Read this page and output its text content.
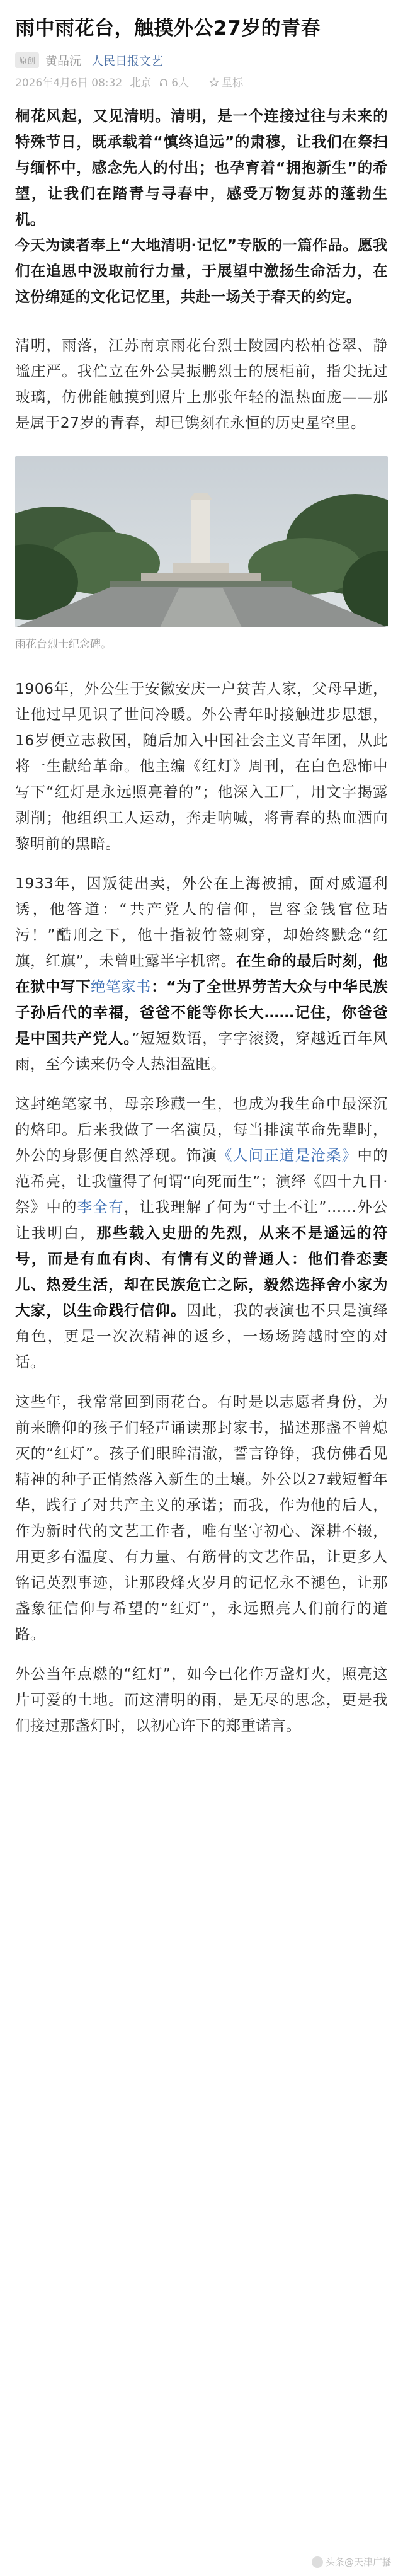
雨中雨花台，触摸外公27岁的青春
原创 黄品沅 人民日报文艺
2026年4月6日 08:32 北京	6人	星标

桐花风起，又见清明。清明，是一个连接过往与未来的特殊节日，既承载着“慎终追远”的肃穆，让我们在祭扫与缅怀中，感念先人的付出；也孕育着“拥抱新生”的希望，让我们在踏青与寻春中，感受万物复苏的蓬勃生机。

今天为读者奉上“大地清明·记忆”专版的一篇作品。愿我们在追思中汲取前行力量，于展望中激扬生命活力，在这份绵延的文化记忆里，共赴一场关于春天的约定。

清明，雨落，江苏南京雨花台烈士陵园内松柏苍翠、静谧庄严。我伫立在外公吴振鹏烈士的展柜前，指尖抚过玻璃，仿佛能触摸到照片上那张年轻的温热面庞——那是属于27岁的青春，却已镌刻在永恒的历史星空里。

雨花台烈士纪念碑。

1906年，外公生于安徽安庆一户贫苦人家，父母早逝，让他过早见识了世间冷暖。外公青年时接触进步思想，16岁便立志救国，随后加入中国社会主义青年团，从此将一生献给革命。他主编《红灯》周刊，在白色恐怖中写下“红灯是永远照亮着的”；他深入工厂，用文字揭露剥削；他组织工人运动，奔走呐喊，将青春的热血洒向黎明前的黑暗。

1933年，因叛徒出卖，外公在上海被捕，面对威逼利诱，他答道：“共产党人的信仰，岂容金钱官位玷污！”酷刑之下，他十指被竹签刺穿，却始终默念“红旗，红旗”，未曾吐露半字机密。在生命的最后时刻，他在狱中写下绝笔家书：“为了全世界劳苦大众与中华民族子孙后代的幸福，爸爸不能等你长大……记住，你爸爸是中国共产党人。”短短数语，字字滚烫，穿越近百年风雨，至今读来仍令人热泪盈眶。

这封绝笔家书，母亲珍藏一生，也成为我生命中最深沉的烙印。后来我做了一名演员，每当排演革命先辈时，外公的身影便自然浮现。饰演《人间正道是沧桑》中的范希亮，让我懂得了何谓“向死而生”；演绎《四十九日·祭》中的李全有，让我理解了何为“寸土不让”……外公让我明白，那些载入史册的先烈，从来不是遥远的符号，而是有血有肉、有情有义的普通人：他们眷恋妻儿、热爱生活，却在民族危亡之际，毅然选择舍小家为大家，以生命践行信仰。因此，我的表演也不只是演绎角色，更是一次次精神的返乡，一场场跨越时空的对话。

这些年，我常常回到雨花台。有时是以志愿者身份，为前来瞻仰的孩子们轻声诵读那封家书，描述那盏不曾熄灭的“红灯”。孩子们眼眸清澈，誓言铮铮，我仿佛看见精神的种子正悄然落入新生的土壤。外公以27载短暂年华，践行了对共产主义的承诺；而我，作为他的后人，作为新时代的文艺工作者，唯有坚守初心、深耕不辍，用更多有温度、有力量、有筋骨的文艺作品，让更多人铭记英烈事迹，让那段烽火岁月的记忆永不褪色，让那盏象征信仰与希望的“红灯”，永远照亮人们前行的道路。

外公当年点燃的“红灯”，如今已化作万盏灯火，照亮这片可爱的土地。而这清明的雨，是无尽的思念，更是我们接过那盏灯时，以初心许下的郑重诺言。

头条@天津广播
